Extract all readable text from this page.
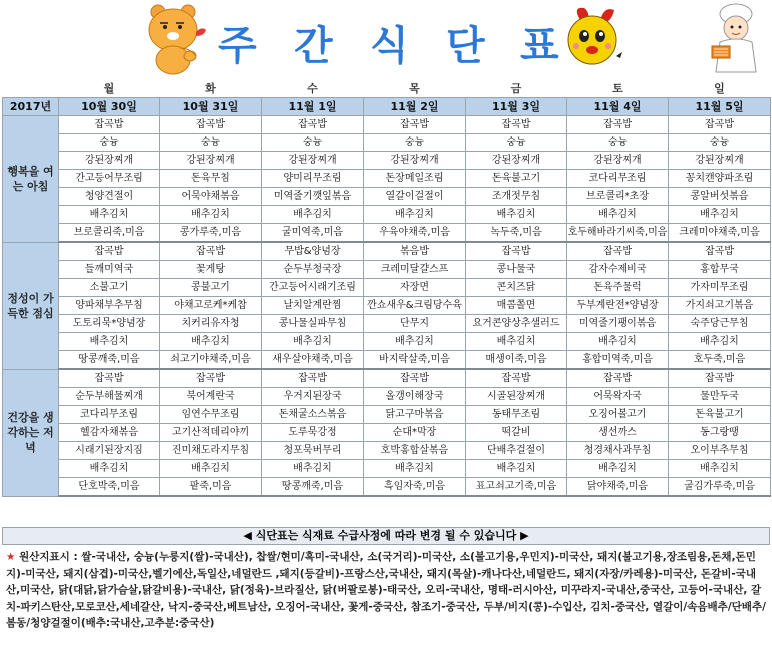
주 간 식 단 표
	월	화	수	목	금	토	일
2017년	10월 30일	10월 31일	11월 1일	11월 2일	11월 3일	11월 4일	11월 5일
행복을 여는 아침	잡곡밥	잡곡밥	잡곡밥	잡곡밥	잡곡밥	잡곡밥	잡곡밥
	숭늉	숭늉	숭늉	숭늉	숭늉	숭늉	숭늉
	강된장찌개	강된장찌개	강된장찌개	강된장찌개	강된장찌개	강된장찌개	강된장찌개
	간고등어무조림	돈육무침	양미리무조림	돈장메일조림	돈육불고기	코다리무조림	꽁치캔양파조림
	청양견절이	어묵야채볶음	미역줄기깻잎볶음	열갈이걸절이	조개젓무침	브로콜리*초장	콩알버섯볶음
	배추김치	배추김치	배추김치	배추김치	배추김치	배추김치	배추김치
	브로콜리죽,미음	콩가루죽,미음	굴미역죽,미음	우육야채죽,미음	녹두죽,미음	호두해바라기씨죽,미음	크레미야채죽,미음
정성이 가득한 점심	잡곡밥	잡곡밥	무밥&양념장	볶음밥	잡곡밥	잡곡밥	잡곡밥
	들깨미역국	꽃게탕	순두부청국장	크레미달걀스프	콩나물국	감자수제비국	홍합무국
	소불고기	콩불고기	간고등어시래기조림	자장면	콘치즈닭	돈육주물럭	가자미무조림
	양파채부추무침	야채고로케*케찹	날치알계란찜	깐쇼새우&크림당수육	매콤쫄면	두부계란전*양념장	가지쇠고기볶음
	도토리묵*양념장	치커리유자청	콩나물실파무침	단무지	요거콘양상추샐러드	미역줄기팽이볶음	숙주당근무침
	배추김치	배추김치	배추김치	배추김치	배추김치	배추김치	배추김치
	땅콩깨죽,미음	쇠고기야채죽,미음	새우살야채죽,미음	바지락살죽,미음	매생이죽,미음	홍합미역죽,미음	호두죽,미음
건강을 생각하는 저녁	잡곡밥	잡곡밥	잡곡밥	잡곡밥	잡곡밥	잡곡밥	잡곡밥
	순두부해물찌개	북어계란국	우거지된장국	올갱이해장국	시골된장찌개	어묵왁자국	물만두국
	코다리무조림	임연수무조림	돈채굴소스볶음	닭고구마볶음	동태무조림	오징어볼고기	돈육불고기
	헬감자채볶음	고기산적데리야끼	도루묵강정	순대*막장	떡갈비	생선까스	동그랑땡
	시래기된장지짐	진미채도라지무침	청포묵버무리	호박홍합살볶음	단배추걸절이	청경채사과무침	오이부추무침
	배추김치	배추김치	배추김치	배추김치	배추김치	배추김치	배추김치
	단호박죽,미음	팥죽,미음	땅콩깨죽,미음	흑임자죽,미음	표고쇠고기죽,미음	닭야채죽,미음	굴김가루죽,미음
◀ 식단표는 식재료 수급사정에 따라 변경 될 수 있습니다 ▶
★ 원산지표시 : 쌀-국내산, 숭늉(누룽지(쌀)-국내산), 찹쌀/현미/흑미-국내산, 소(국거리)-미국산, 소(불고기용,우민지)-미국산, 돼지(불고기용,장조림용,돈채,돈민지)-미국산, 돼지(삼겹)-미국산,벨기에산,독일산,네덜란드 ,돼지(등갈비)-프랑스산,국내산, 돼지(목살)-캐나다산,네덜란드, 돼지(자장/카레용)-미국산, 돈갈비-국내산,미국산, 닭(대닭,닭가슴살,닭갈비용)-국내산, 닭(정육)-브라질산, 닭(버팔로봉)-태국산, 오리-국내산, 명태-러시아산, 미꾸라지-국내산,중국산, 고등어-국내산, 갈치-파키스탄산,모로코산,세네갈산, 낙지-중국산,베트남산, 오징어-국내산, 꽃게-중국산, 참조기-중국산, 두부/비지(콩)-수입산, 김치-중국산, 열갈이/속음배추/단배추/봄동/청양걸절이(배추:국내산,고추분:중국산)
